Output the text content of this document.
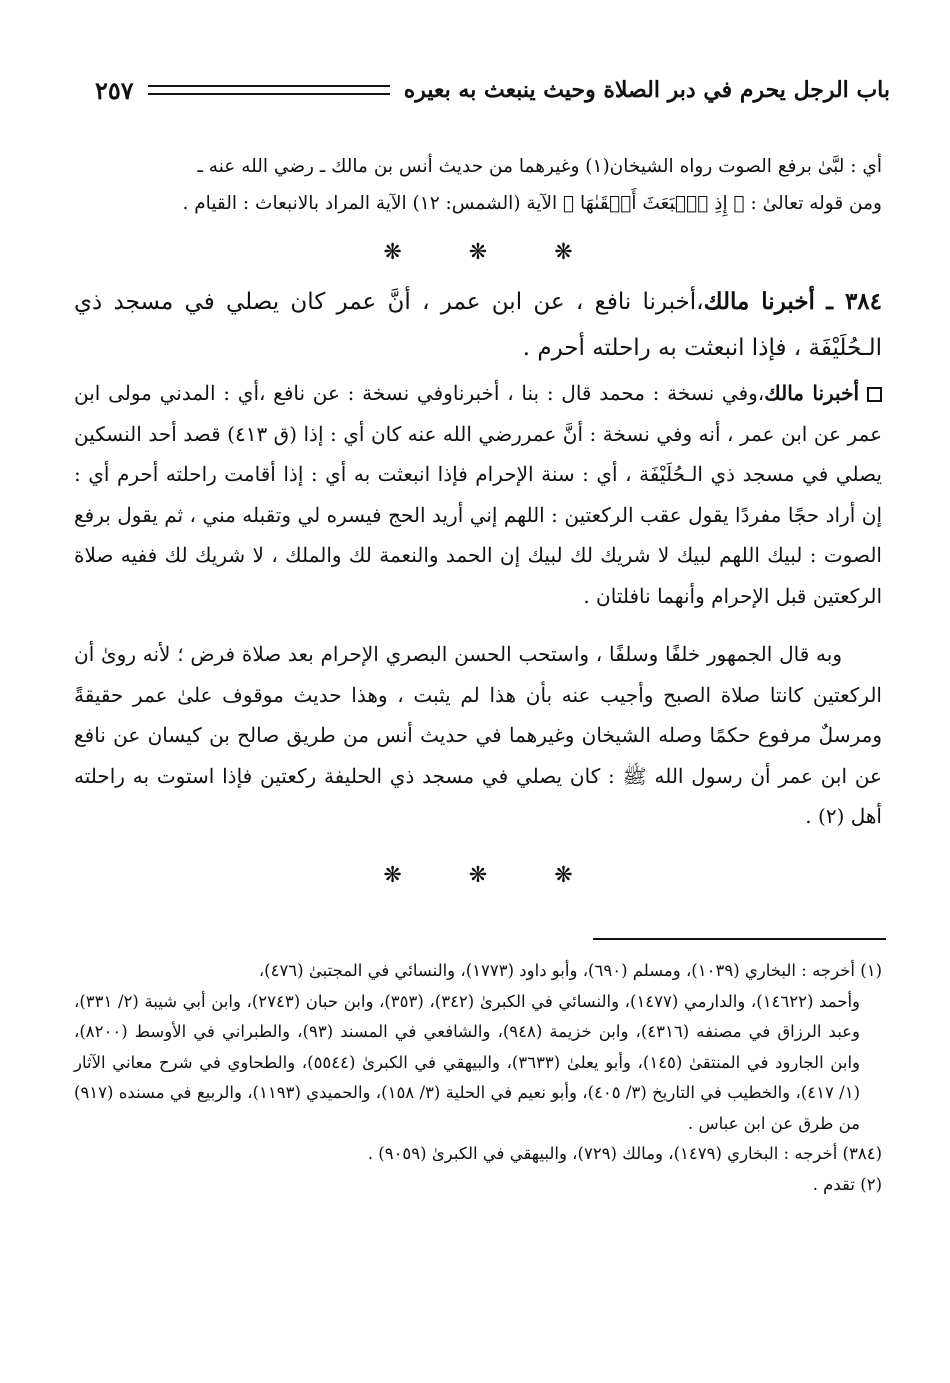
باب الرجل يحرم في دبر الصلاة وحيث ينبعث به بعيره
٢٥٧

أي : لبَّىٰ برفع الصوت رواه الشيخان(١) وغيرهما من حديث أنس بن مالك ـ رضي الله عنه ـ

ومن قوله تعالىٰ : ﴿ إِذِ ٱنۢبَعَثَ أَشۡقَىٰهَا ﴾ الآية (الشمس: ١٢) الآية المراد بالانبعاث : القيام .

❋	❋	❋

٣٨٤ ـ أخبرنا مالك،أخبرنا نافع ، عن ابن عمر ، أنَّ عمر كان يصلي في مسجد ذي الـحُلَيْفَة ، فإذا انبعثت به راحلته أحرم .

أخبرنا مالك،وفي نسخة : محمد قال : بنا ، أخبرناوفي نسخة : عن نافع ،أي : المدني مولى ابن عمر عن ابن عمر ، أنه وفي نسخة : أنَّ عمررضي الله عنه كان أي : إذا (ق ٤١٣) قصد أحد النسكين يصلي في مسجد ذي الـحُلَيْفَة ، أي : سنة الإحرام فإذا انبعثت به أي : إذا أقامت راحلته أحرم أي : إن أراد حجًا مفردًا يقول عقب الركعتين : اللهم إني أريد الحج فيسره لي وتقبله مني ، ثم يقول برفع الصوت : لبيك اللهم لبيك لا شريك لك لبيك إن الحمد والنعمة لك والملك ، لا شريك لك ففيه صلاة الركعتين قبل الإحرام وأنهما نافلتان .

وبه قال الجمهور خلفًا وسلفًا ، واستحب الحسن البصري الإحرام بعد صلاة فرض ؛ لأنه روىٰ أن الركعتين كانتا صلاة الصبح وأجيب عنه بأن هذا لم يثبت ، وهذا حديث موقوف علىٰ عمر حقيقةً ومرسلٌ مرفوع حكمًا وصله الشيخان وغيرهما في حديث أنس من طريق صالح بن كيسان عن نافع عن ابن عمر أن رسول الله ﷺ : كان يصلي في مسجد ذي الحليفة ركعتين فإذا استوت به راحلته أهل (٢) .

❋	❋	❋

(١) أخرجه : البخاري (١٠٣٩)، ومسلم (٦٩٠)، وأبو داود (١٧٧٣)، والنسائي في المجتبىٰ (٤٧٦)،

وأحمد (١٤٦٢٢)، والدارمي (١٤٧٧)، والنسائي في الكبرىٰ (٣٤٢)، (٣٥٣)، وابن حبان (٢٧٤٣)، وابن أبي شيبة (٢/ ٣٣١)، وعبد الرزاق في مصنفه (٤٣١٦)، وابن خزيمة (٩٤٨)، والشافعي في المسند (٩٣)، والطبراني في الأوسط (٨٢٠٠)، وابن الجارود في المنتقىٰ (١٤٥)، وأبو يعلىٰ (٣٦٣٣)، والبيهقي في الكبرىٰ (٥٥٤٤)، والطحاوي في شرح معاني الآثار (١/ ٤١٧)، والخطيب في التاريخ (٣/ ٤٠٥)، وأبو نعيم في الحلية (٣/ ١٥٨)، والحميدي (١١٩٣)، والربيع في مسنده (٩١٧) من طرق عن ابن عباس .

(٣٨٤) أخرجه : البخاري (١٤٧٩)، ومالك (٧٢٩)، والبيهقي في الكبرىٰ (٩٠٥٩) .

(٢) تقدم .
